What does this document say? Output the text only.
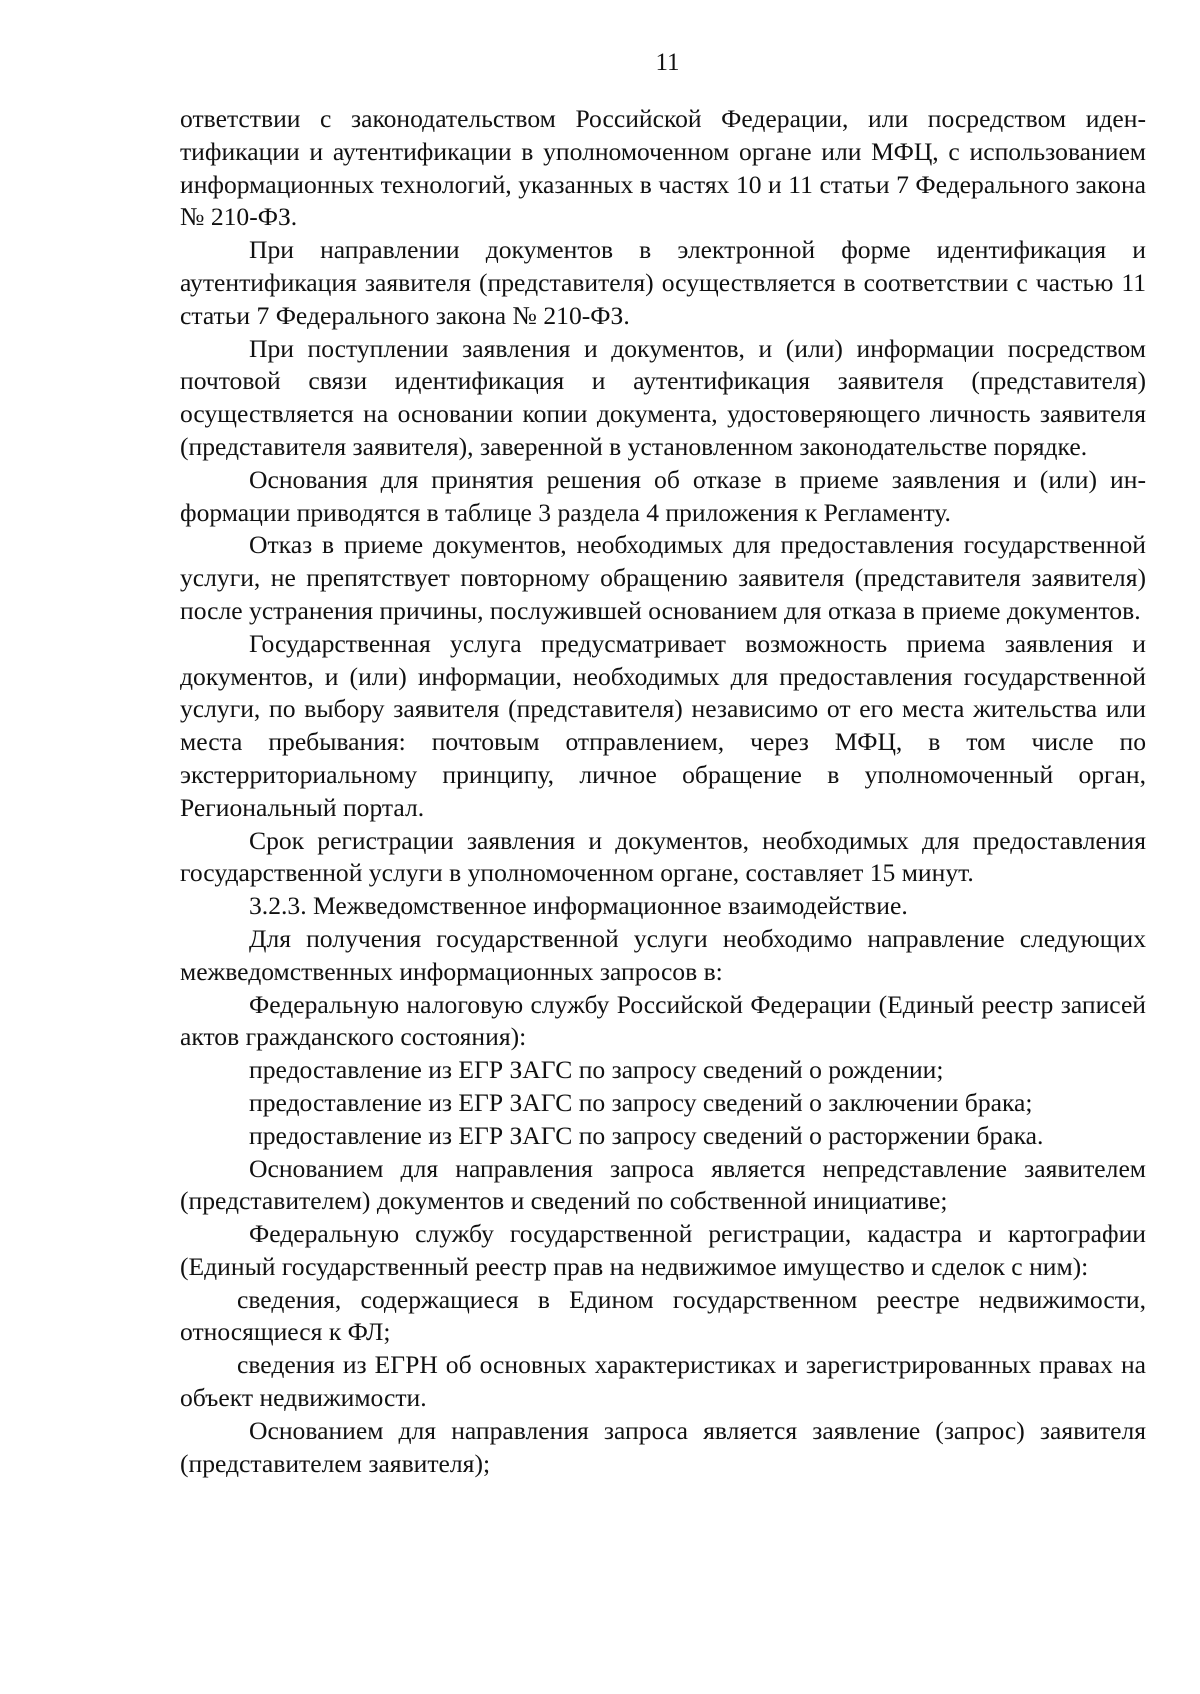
11

ответствии с законодательством Российской Федерации, или посредством идентификации и аутентификации в уполномоченном органе или МФЦ, с использованием информационных технологий, указанных в частях 10 и 11 статьи 7 Федерального закона № 210-ФЗ.

При направлении документов в электронной форме идентификация и аутентификация заявителя (представителя) осуществляется в соответствии с частью 11 статьи 7 Федерального закона № 210-ФЗ.

При поступлении заявления и документов, и (или) информации посредством почтовой связи идентификация и аутентификация заявителя (представителя) осуществляется на основании копии документа, удостоверяющего личность заявителя (представителя заявителя), заверенной в установленном законодательстве порядке.

Основания для принятия решения об отказе в приеме заявления и (или) информации приводятся в таблице 3 раздела 4 приложения к Регламенту.

Отказ в приеме документов, необходимых для предоставления государственной услуги, не препятствует повторному обращению заявителя (представителя заявителя) после устранения причины, послужившей основанием для отказа в приеме документов.

Государственная услуга предусматривает возможность приема заявления и документов, и (или) информации, необходимых для предоставления государственной услуги, по выбору заявителя (представителя) независимо от его места жительства или места пребывания: почтовым отправлением, через МФЦ, в том числе по экстерриториальному принципу, личное обращение в уполномоченный орган, Региональный портал.

Срок регистрации заявления и документов, необходимых для предоставления государственной услуги в уполномоченном органе, составляет 15 минут.

3.2.3. Межведомственное информационное взаимодействие.

Для получения государственной услуги необходимо направление следующих межведомственных информационных запросов в:

Федеральную налоговую службу Российской Федерации (Единый реестр записей актов гражданского состояния):

предоставление из ЕГР ЗАГС по запросу сведений о рождении;

предоставление из ЕГР ЗАГС по запросу сведений о заключении брака;

предоставление из ЕГР ЗАГС по запросу сведений о расторжении брака.

Основанием для направления запроса является непредставление заявителем (представителем) документов и сведений по собственной инициативе;

Федеральную службу государственной регистрации, кадастра и картографии (Единый государственный реестр прав на недвижимое имущество и сделок с ним):

сведения, содержащиеся в Едином государственном реестре недвижимости, относящиеся к ФЛ;

сведения из ЕГРН об основных характеристиках и зарегистрированных правах на объект недвижимости.

Основанием для направления запроса является заявление (запрос) заявителя (представителем заявителя);
